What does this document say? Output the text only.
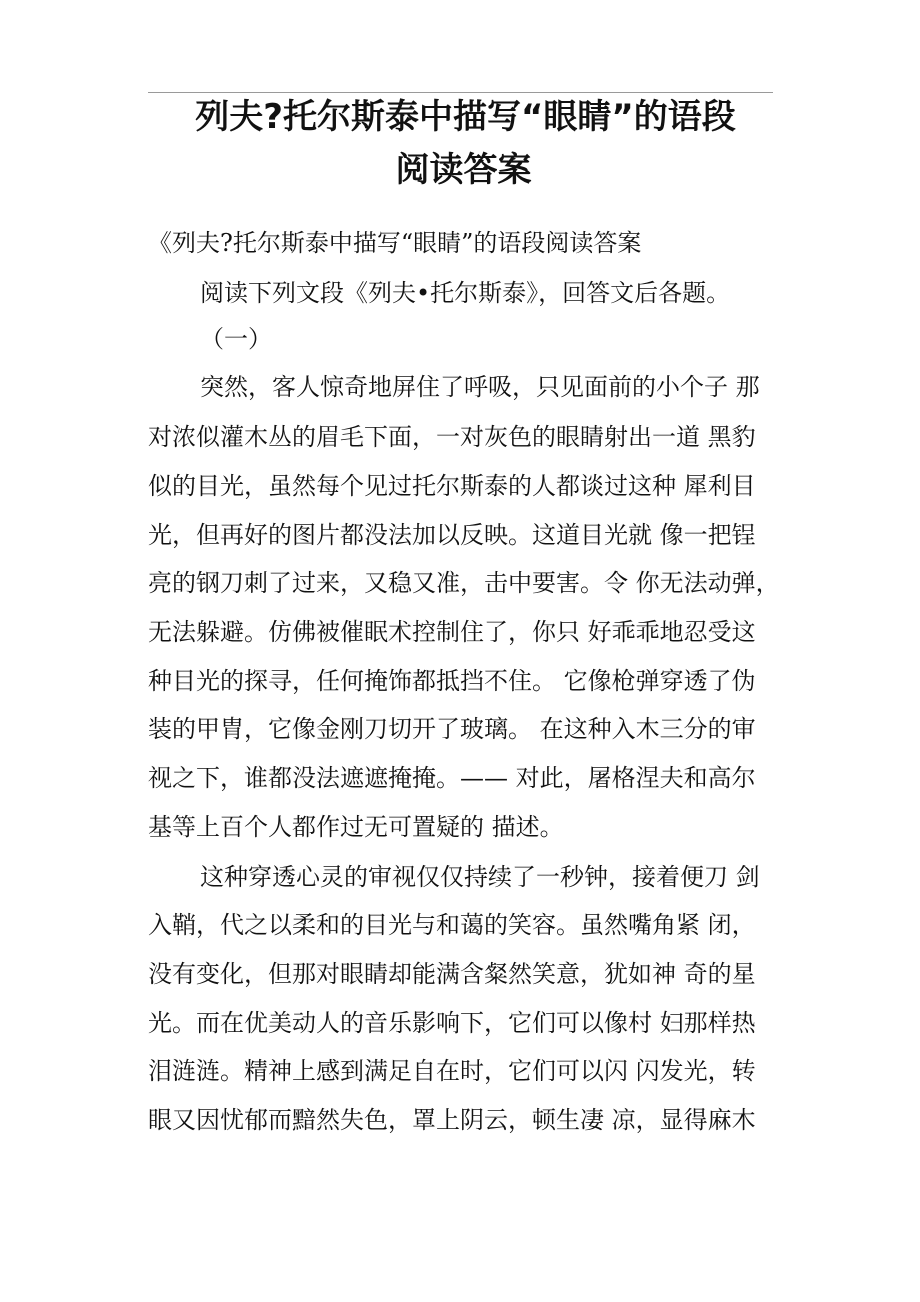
列夫?托尔斯泰中描写“眼睛”的语段
阅读答案

《列夫?托尔斯泰中描写“眼睛”的语段阅读答案

阅读下列文段《列夫•托尔斯泰》，回答文后各题。

（一）

突然，客人惊奇地屏住了呼吸，只见面前的小个子 那

对浓似灌木丛的眉毛下面，一对灰色的眼睛射出一道 黑豹

似的目光，虽然每个见过托尔斯泰的人都谈过这种 犀利目

光，但再好的图片都没法加以反映。这道目光就 像一把锃

亮的钢刀刺了过来，又稳又准，击中要害。令 你无法动弹，

无法躲避。仿佛被催眠术控制住了，你只 好乖乖地忍受这

种目光的探寻，任何掩饰都抵挡不住。 它像枪弹穿透了伪

装的甲胄，它像金刚刀切开了玻璃。 在这种入木三分的审

视之下，谁都没法遮遮掩掩。—— 对此，屠格涅夫和高尔

基等上百个人都作过无可置疑的 描述。

这种穿透心灵的审视仅仅持续了一秒钟，接着便刀 剑

入鞘，代之以柔和的目光与和蔼的笑容。虽然嘴角紧 闭，

没有变化，但那对眼睛却能满含粲然笑意，犹如神 奇的星

光。而在优美动人的音乐影响下，它们可以像村 妇那样热

泪涟涟。精神上感到满足自在时，它们可以闪 闪发光，转

眼又因忧郁而黯然失色，罩上阴云，顿生凄 凉，显得麻木
